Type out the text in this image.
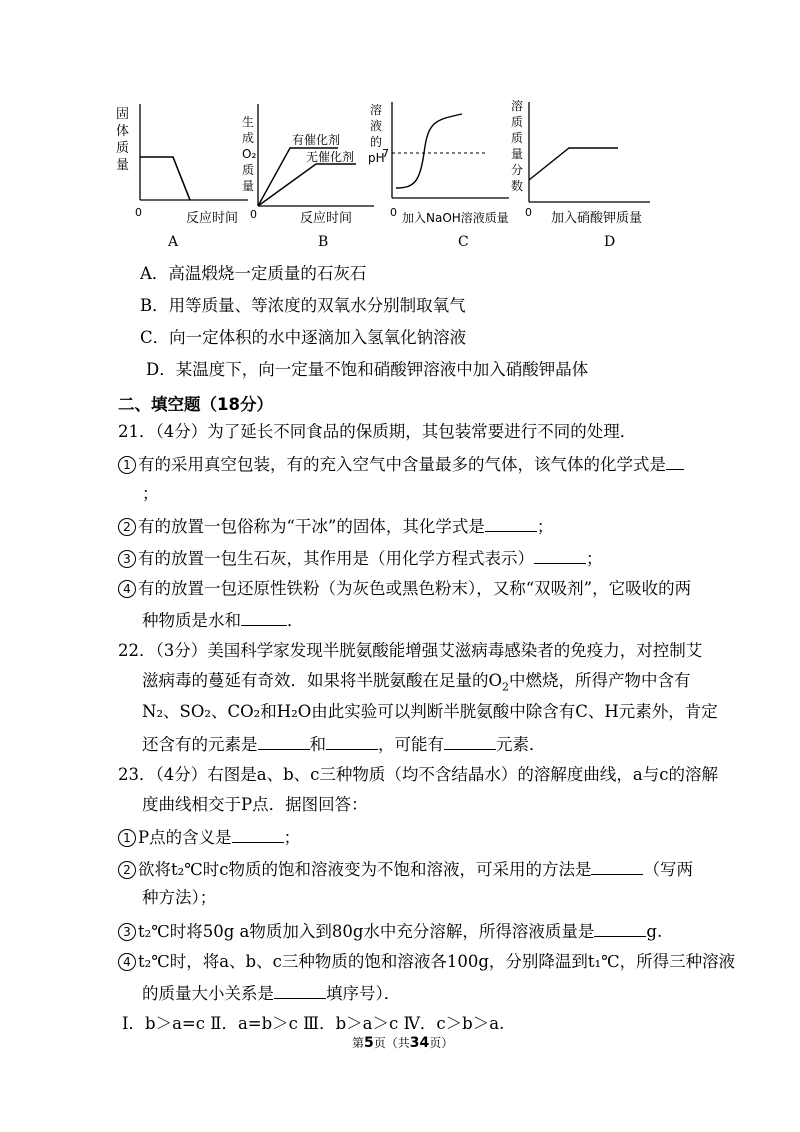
固
体
质
量
0	反应时间
A
生
成
O₂
质
量
有催化剂
无催化剂
0	反应时间
B
溶
液
的
pH
7
0 加入NaOH溶液质量
C
溶
质
质
量
分
数
0 加入硝酸钾质量
D
A．高温煅烧一定质量的石灰石
B．用等质量、等浓度的双氧水分别制取氧气
C．向一定体积的水中逐滴加入氢氧化钠溶液
D．某温度下，向一定量不饱和硝酸钾溶液中加入硝酸钾晶体
二、填空题（18分）
21．（4分）为了延长不同食品的保质期，其包装常要进行不同的处理．
1 有的采用真空包装，有的充入空气中含量最多的气体，该气体的化学式是
；
2 有的放置一包俗称为“干冰”的固体，其化学式是	；
3 有的放置一包生石灰，其作用是（用化学方程式表示）	；
4 有的放置一包还原性铁粉（为灰色或黑色粉末），又称“双吸剂”，它吸收的两
种物质是水和	．
22．（3分）美国科学家发现半胱氨酸能增强艾滋病毒感染者的免疫力，对控制艾
滋病毒的蔓延有奇效．如果将半胱氨酸在足量的$O_2$中燃烧，所得产物中含有
N₂、SO₂、CO₂和H₂O由此实验可以判断半胱氨酸中除含有C、H元素外，肯定
还含有的元素是	和	，可能有	元素．
23．（4分）右图是a、b、c三种物质（均不含结晶水）的溶解度曲线，a与c的溶解
度曲线相交于P点．据图回答：
1 P点的含义是	；
2 欲将t₂℃时c物质的饱和溶液变为不饱和溶液，可采用的方法是	（写两
种方法）；
3 t₂℃时将50g a物质加入到80g水中充分溶解，所得溶液质量是	g.
4 t₂℃时，将a、b、c三种物质的饱和溶液各100g，分别降温到t₁℃，所得三种溶液
的质量大小关系是	填序号）．
Ⅰ．b＞a=c Ⅱ．a=b＞c Ⅲ．b＞a＞c Ⅳ．c＞b＞a.
第5页（共34页）
